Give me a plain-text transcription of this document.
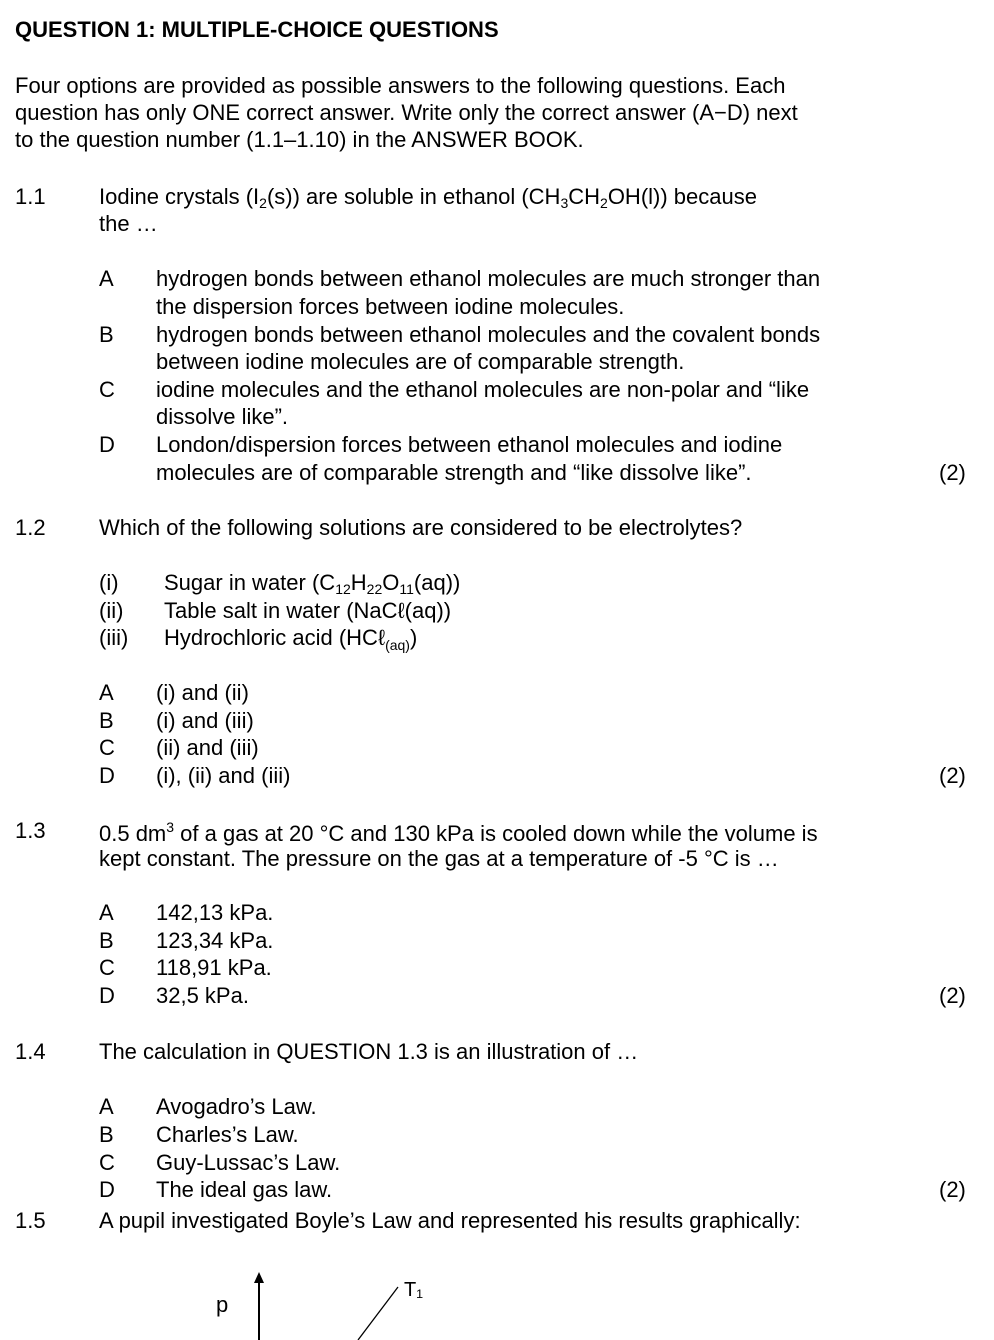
QUESTION 1: MULTIPLE-CHOICE QUESTIONS
Four options are provided as possible answers to the following questions. Each
question has only ONE correct answer. Write only the correct answer (A−D) next
to the question number (1.1–1.10) in the ANSWER BOOK.
1.1 Iodine crystals $(I_2(s))$ are soluble in ethanol $(CH_3CH_2OH(l))$ because
the …
A hydrogen bonds between ethanol molecules are much stronger than
the dispersion forces between iodine molecules.
B hydrogen bonds between ethanol molecules and the covalent bonds
between iodine molecules are of comparable strength.
C iodine molecules and the ethanol molecules are non-polar and “like
dissolve like”.
D London/dispersion forces between ethanol molecules and iodine
molecules are of comparable strength and “like dissolve like”.	(2)
1.2 Which of the following solutions are considered to be electrolytes?
(i) Sugar in water $(C_{12}H_{22}O_{11}(aq))$
(ii) Table salt in water (NaCℓ(aq))
(iii) Hydrochloric acid (HCℓ$_{(aq)}$)
A (i) and (ii)
B (i) and (iii)
C (ii) and (iii)
D (i), (ii) and (iii)	(2)
1.3 0.5 $dm^3$ of a gas at 20 °C and 130 kPa is cooled down while the volume is
kept constant. The pressure on the gas at a temperature of -5 °C is …
A 142,13 kPa.
B 123,34 kPa.
C 118,91 kPa.
D 32,5 kPa.	(2)
1.4 The calculation in QUESTION 1.3 is an illustration of …
A Avogadro’s Law.
B Charles’s Law.
C Guy-Lussac’s Law.
D The ideal gas law.	(2)
1.5 A pupil investigated Boyle’s Law and represented his results graphically:
p
T₁
